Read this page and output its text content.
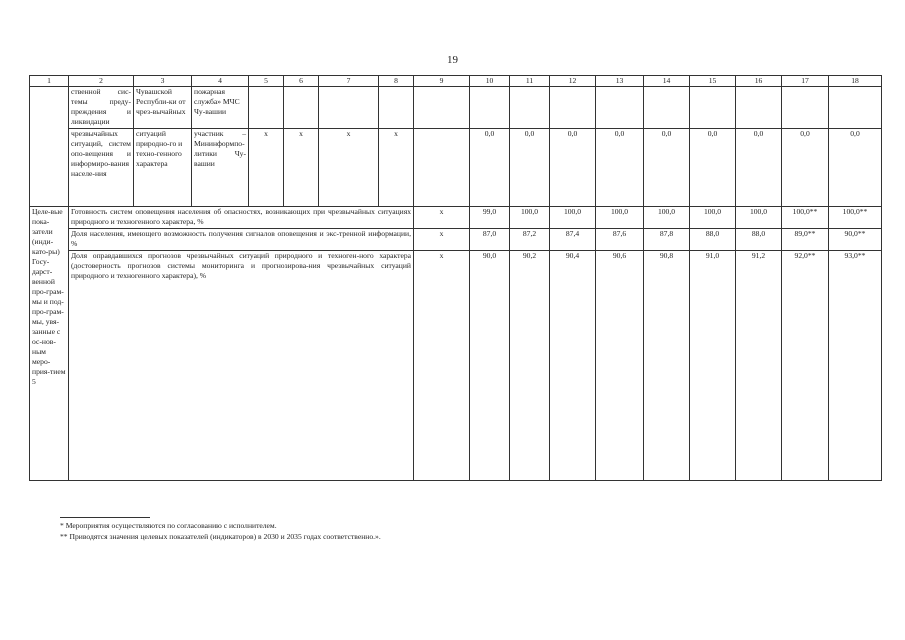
19
1	2	3	4	5	6	7	8	9	10	11	12	13	14	15	16	17	18
	ственной сис-темы преду-преждения и ликвидации	Чувашской Республи-ки от чрез-вычайных	пожарная служба» МЧС Чу-вашии														
	чрезвычайных ситуаций, систем опо-вещения и информиро-вания населе-ния	ситуаций природно-го и техно-генного характера	участник – Мининформпо-литики Чу-вашии	х	х	х	х		0,0	0,0	0,0	0,0	0,0	0,0	0,0	0,0	0,0
Целе-вые пока-затели (инди-като-ры) Госу-дарст-венной про-грам-мы и под-про-грам-мы, увя-занные с ос-нов-ным меро-прия-тием 5	Готовность систем оповещения населения об опасностях, возникающих при чрезвычайных ситуациях природного и техногенного характера, %							х	99,0	100,0	100,0	100,0	100,0	100,0	100,0	100,0**	100,0**
	Доля населения, имеющего возможность получения сигналов оповещения и экс-тренной информации, %							х	87,0	87,2	87,4	87,6	87,8	88,0	88,0	89,0**	90,0**
	Доля оправдавшихся прогнозов чрезвычайных ситуаций природного и техноген-ного характера (достоверность прогнозов системы мониторинга и прогнозирова-ния чрезвычайных ситуаций природного и техногенного характера), %							х	90,0	90,2	90,4	90,6	90,8	91,0	91,2	92,0**	93,0**
* Мероприятия осуществляются по согласованию с исполнителем.
** Приводятся значения целевых показателей (индикаторов) в 2030 и 2035 годах соответственно.».
